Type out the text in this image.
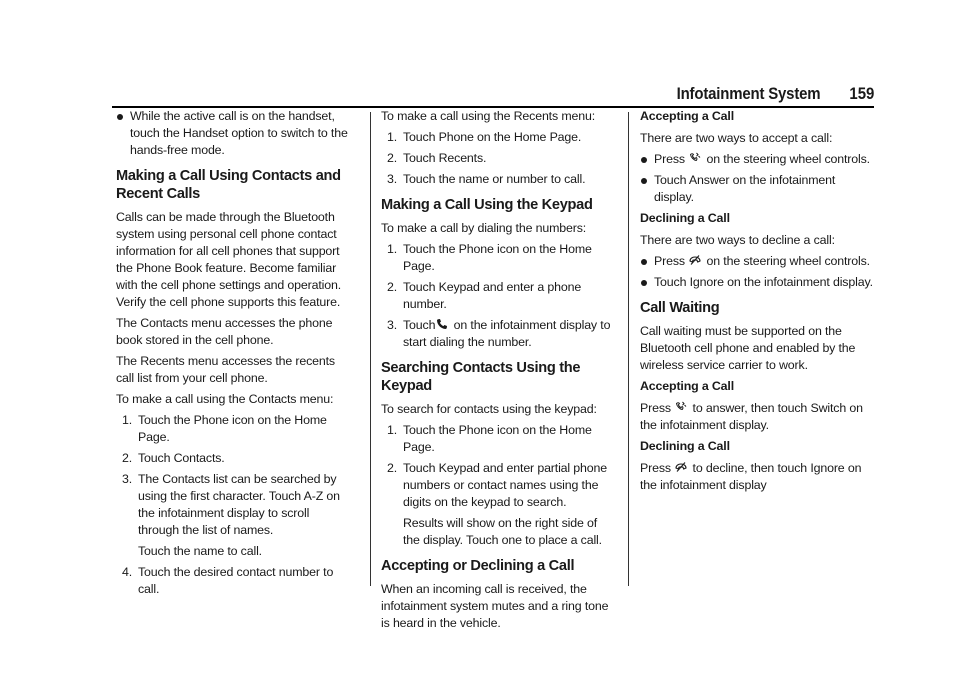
Infotainment System 159
While the active call is on the handset, touch the Handset option to switch to the hands-free mode.
Making a Call Using Contacts and Recent Calls

Calls can be made through the Bluetooth system using personal cell phone contact information for all cell phones that support the Phone Book feature. Become familiar with the cell phone settings and operation. Verify the cell phone supports this feature.

The Contacts menu accesses the phone book stored in the cell phone.

The Recents menu accesses the recents call list from your cell phone.

To make a call using the Contacts menu:

1. Touch the Phone icon on the Home Page.
2. Touch Contacts.
3. The Contacts list can be searched by using the first character. Touch A-Z on the infotainment display to scroll through the list of names.

Touch the name to call.

4. Touch the desired contact number to call.

To make a call using the Recents menu:

1. Touch Phone on the Home Page.
2. Touch Recents.
3. Touch the name or number to call.
Making a Call Using the Keypad

To make a call by dialing the numbers:

1. Touch the Phone icon on the Home Page.
2. Touch Keypad and enter a phone number.
3. Touch on the infotainment display to start dialing the number.
Searching Contacts Using the Keypad

To search for contacts using the keypad:

1. Touch the Phone icon on the Home Page.
2. Touch Keypad and enter partial phone numbers or contact names using the digits on the keypad to search.

Results will show on the right side of the display. Touch one to place a call.

Accepting or Declining a Call

When an incoming call is received, the infotainment system mutes and a ring tone is heard in the vehicle.

Accepting a Call

There are two ways to accept a call:

Press on the steering wheel controls.
Touch Answer on the infotainment display.
Declining a Call

There are two ways to decline a call:

Press on the steering wheel controls.
Touch Ignore on the infotainment display.
Call Waiting

Call waiting must be supported on the Bluetooth cell phone and enabled by the wireless service carrier to work.

Accepting a Call

Press to answer, then touch Switch on the infotainment display.

Declining a Call

Press to decline, then touch Ignore on the infotainment display
